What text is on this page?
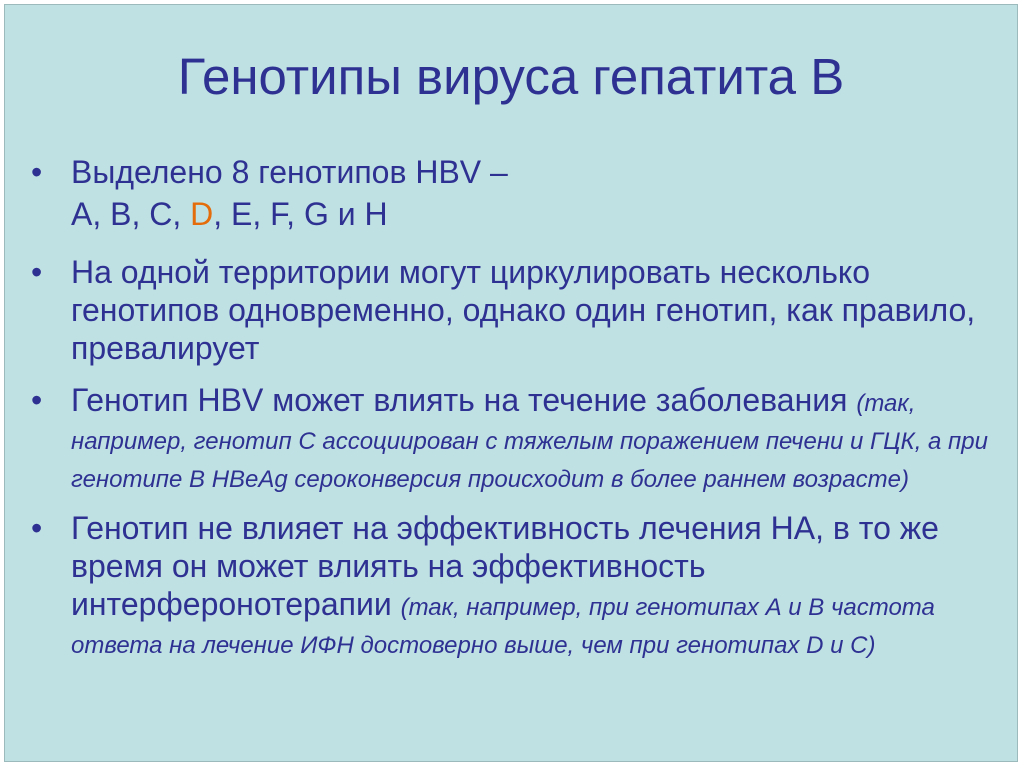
Генотипы вируса гепатита В
• Выделено 8 генотипов HBV –
A, B, C, D, E, F, G и H
• На одной территории могут циркулировать несколько генотипов одновременно, однако один генотип, как правило, превалирует
• Генотип HBV может влиять на течение заболевания (так, например, генотип С ассоциирован с тяжелым поражением печени и ГЦК, а при генотипе В HBeAg сероконверсия происходит в более раннем возрасте)
• Генотип не влияет на эффективность лечения НА, в то же время он может влиять на эффективность интерферонотерапии (так, например, при генотипах А и В частота ответа на лечение ИФН достоверно выше, чем при генотипах D и C)
